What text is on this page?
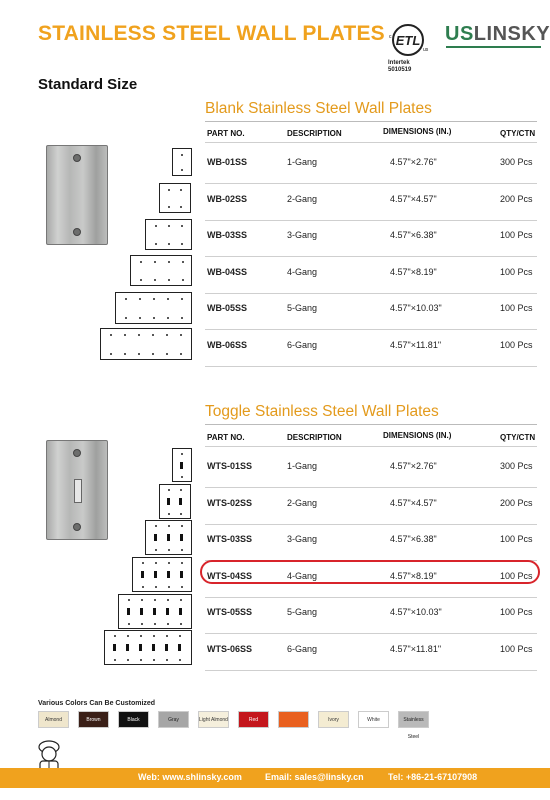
STAINLESS STEEL WALL PLATES ETL
c
us
Intertek
5010519
USLINSKY
Standard Size
Blank Stainless Steel Wall Plates
PART NO.	DESCRIPTION	DIMENSIONS (IN.)	QTY/CTN
WB-01SS	1-Gang	4.57"×2.76"	300 Pcs
WB-02SS	2-Gang	4.57"×4.57"	200 Pcs
WB-03SS	3-Gang	4.57"×6.38"	100 Pcs
WB-04SS	4-Gang	4.57"×8.19"	100 Pcs
WB-05SS	5-Gang	4.57"×10.03"	100 Pcs
WB-06SS	6-Gang	4.57"×11.81"	100 Pcs
Toggle Stainless Steel Wall Plates
PART NO.	DESCRIPTION	DIMENSIONS (IN.)	QTY/CTN
WTS-01SS	1-Gang	4.57"×2.76"	300 Pcs
WTS-02SS	2-Gang	4.57"×4.57"	200 Pcs
WTS-03SS	3-Gang	4.57"×6.38"	100 Pcs
WTS-04SS	4-Gang	4.57"×8.19"	100 Pcs
WTS-05SS	5-Gang	4.57"×10.03"	100 Pcs
WTS-06SS	6-Gang	4.57"×11.81"	100 Pcs
Various Colors Can Be Customized
Almond	Brown	Black	Gray	Light Almond	Red	Ivory	White	Stainless Steel
Web: www.shlinsky.com	Email: sales@linsky.cn	Tel: +86-21-67107908
